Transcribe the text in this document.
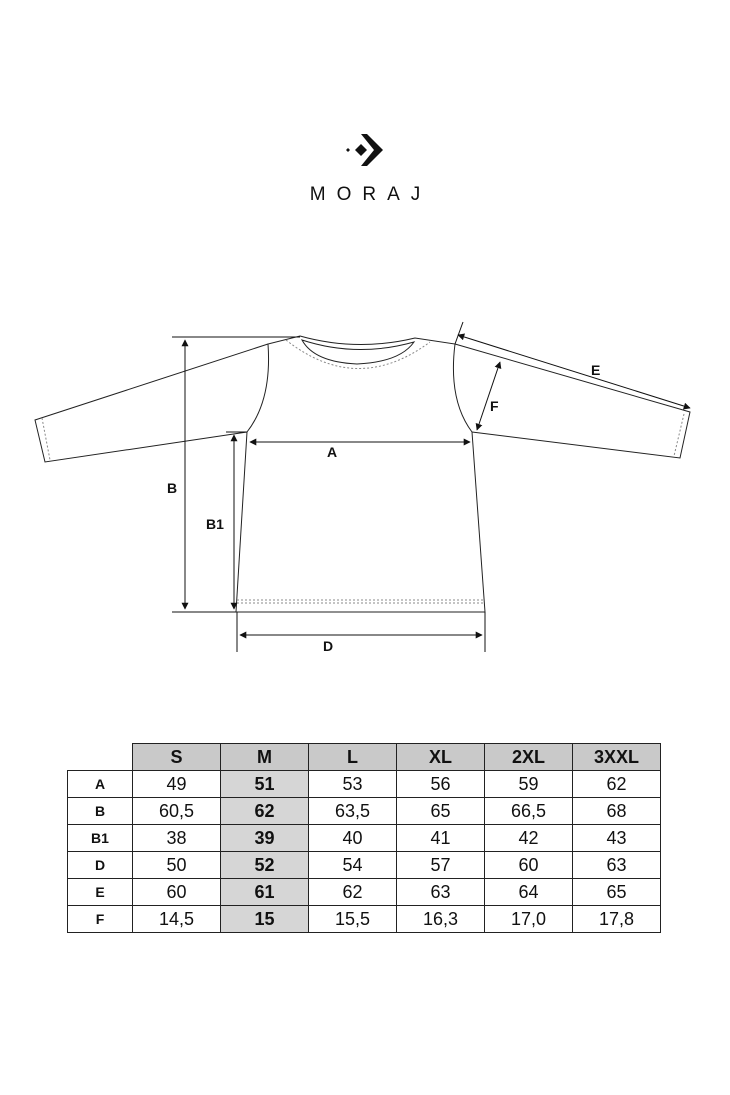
MORAJ
B
B1
A
D
E
F
	S	M	L	XL	2XL	3XXL
A	49	51	53	56	59	62
B	60,5	62	63,5	65	66,5	68
B1	38	39	40	41	42	43
D	50	52	54	57	60	63
E	60	61	62	63	64	65
F	14,5	15	15,5	16,3	17,0	17,8
